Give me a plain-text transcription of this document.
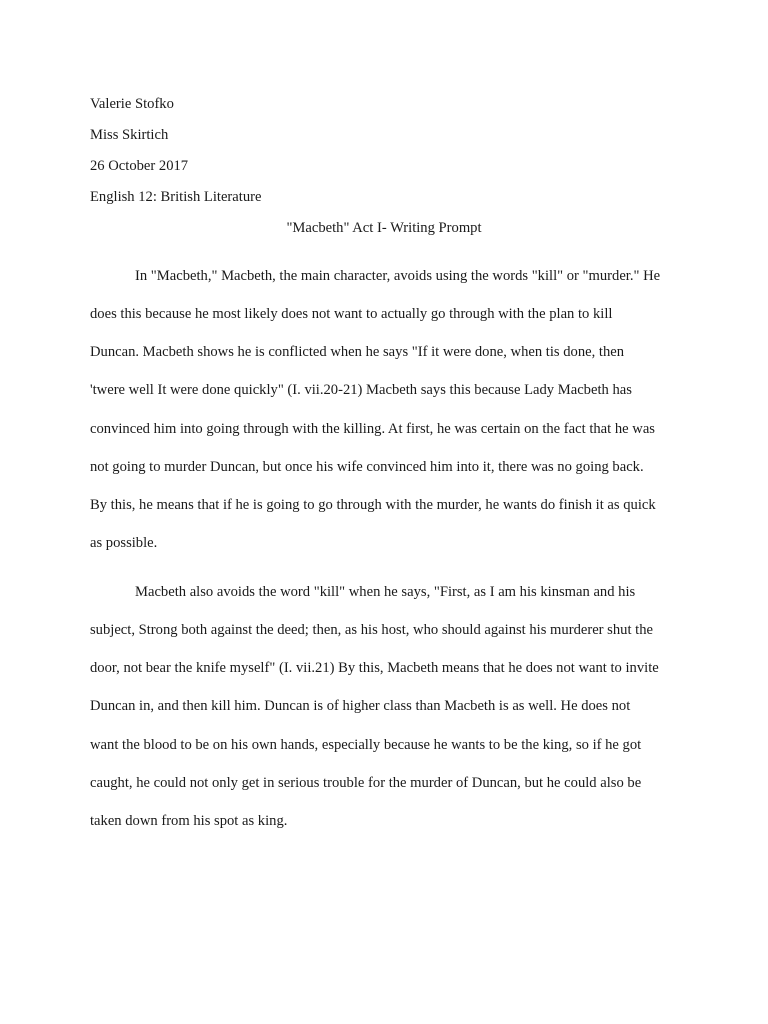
Valerie Stofko
Miss Skirtich
26 October 2017
English 12: British Literature
"Macbeth" Act I- Writing Prompt
In "Macbeth," Macbeth, the main character, avoids using the words "kill" or "murder." He
does this because he most likely does not want to actually go through with the plan to kill
Duncan. Macbeth shows he is conflicted when he says "If it were done, when tis done, then
'twere well It were done quickly" (I. vii.20-21) Macbeth says this because Lady Macbeth has
convinced him into going through with the killing. At first, he was certain on the fact that he was
not going to murder Duncan, but once his wife convinced him into it, there was no going back.
By this, he means that if he is going to go through with the murder, he wants do finish it as quick
as possible.
Macbeth also avoids the word "kill" when he says, "First, as I am his kinsman and his
subject, Strong both against the deed; then, as his host, who should against his murderer shut the
door, not bear the knife myself" (I. vii.21) By this, Macbeth means that he does not want to invite
Duncan in, and then kill him. Duncan is of higher class than Macbeth is as well. He does not
want the blood to be on his own hands, especially because he wants to be the king, so if he got
caught, he could not only get in serious trouble for the murder of Duncan, but he could also be
taken down from his spot as king.
